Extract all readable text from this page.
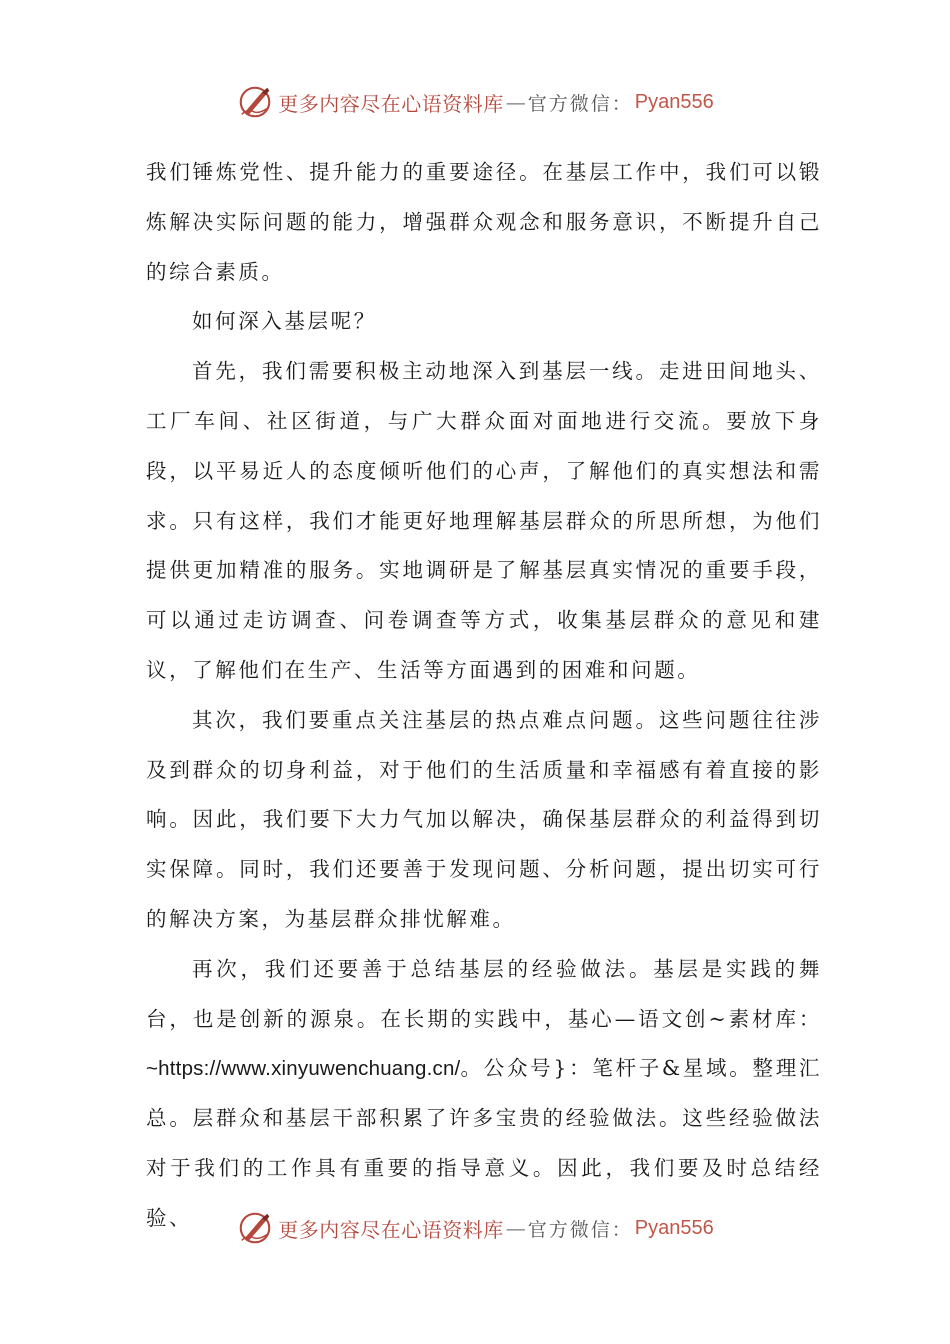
更多内容尽在心语资料库 — 官方微信： Pyan556

我们锤炼党性、提升能力的重要途径。在基层工作中，我们可以锻炼解决实际问题的能力，增强群众观念和服务意识，不断提升自己的综合素质。

如何深入基层呢？

首先，我们需要积极主动地深入到基层一线。走进田间地头、工厂车间、社区街道，与广大群众面对面地进行交流。要放下身段，以平易近人的态度倾听他们的心声，了解他们的真实想法和需求。只有这样，我们才能更好地理解基层群众的所思所想，为他们提供更加精准的服务。实地调研是了解基层真实情况的重要手段，可以通过走访调查、问卷调查等方式，收集基层群众的意见和建议，了解他们在生产、生活等方面遇到的困难和问题。

其次，我们要重点关注基层的热点难点问题。这些问题往往涉及到群众的切身利益，对于他们的生活质量和幸福感有着直接的影响。因此，我们要下大力气加以解决，确保基层群众的利益得到切实保障。同时，我们还要善于发现问题、分析问题，提出切实可行的解决方案，为基层群众排忧解难。

再次，我们还要善于总结基层的经验做法。基层是实践的舞台，也是创新的源泉。在长期的实践中，基心—语文创~素材库：~https://www.xinyuwenchuang.cn/。公众号}：笔杆子&星域。整理汇总。层群众和基层干部积累了许多宝贵的经验做法。这些经验做法对于我们的工作具有重要的指导意义。因此，我们要及时总结经验、	更多内容尽在心语资料库 — 官方微信： Pyan556
